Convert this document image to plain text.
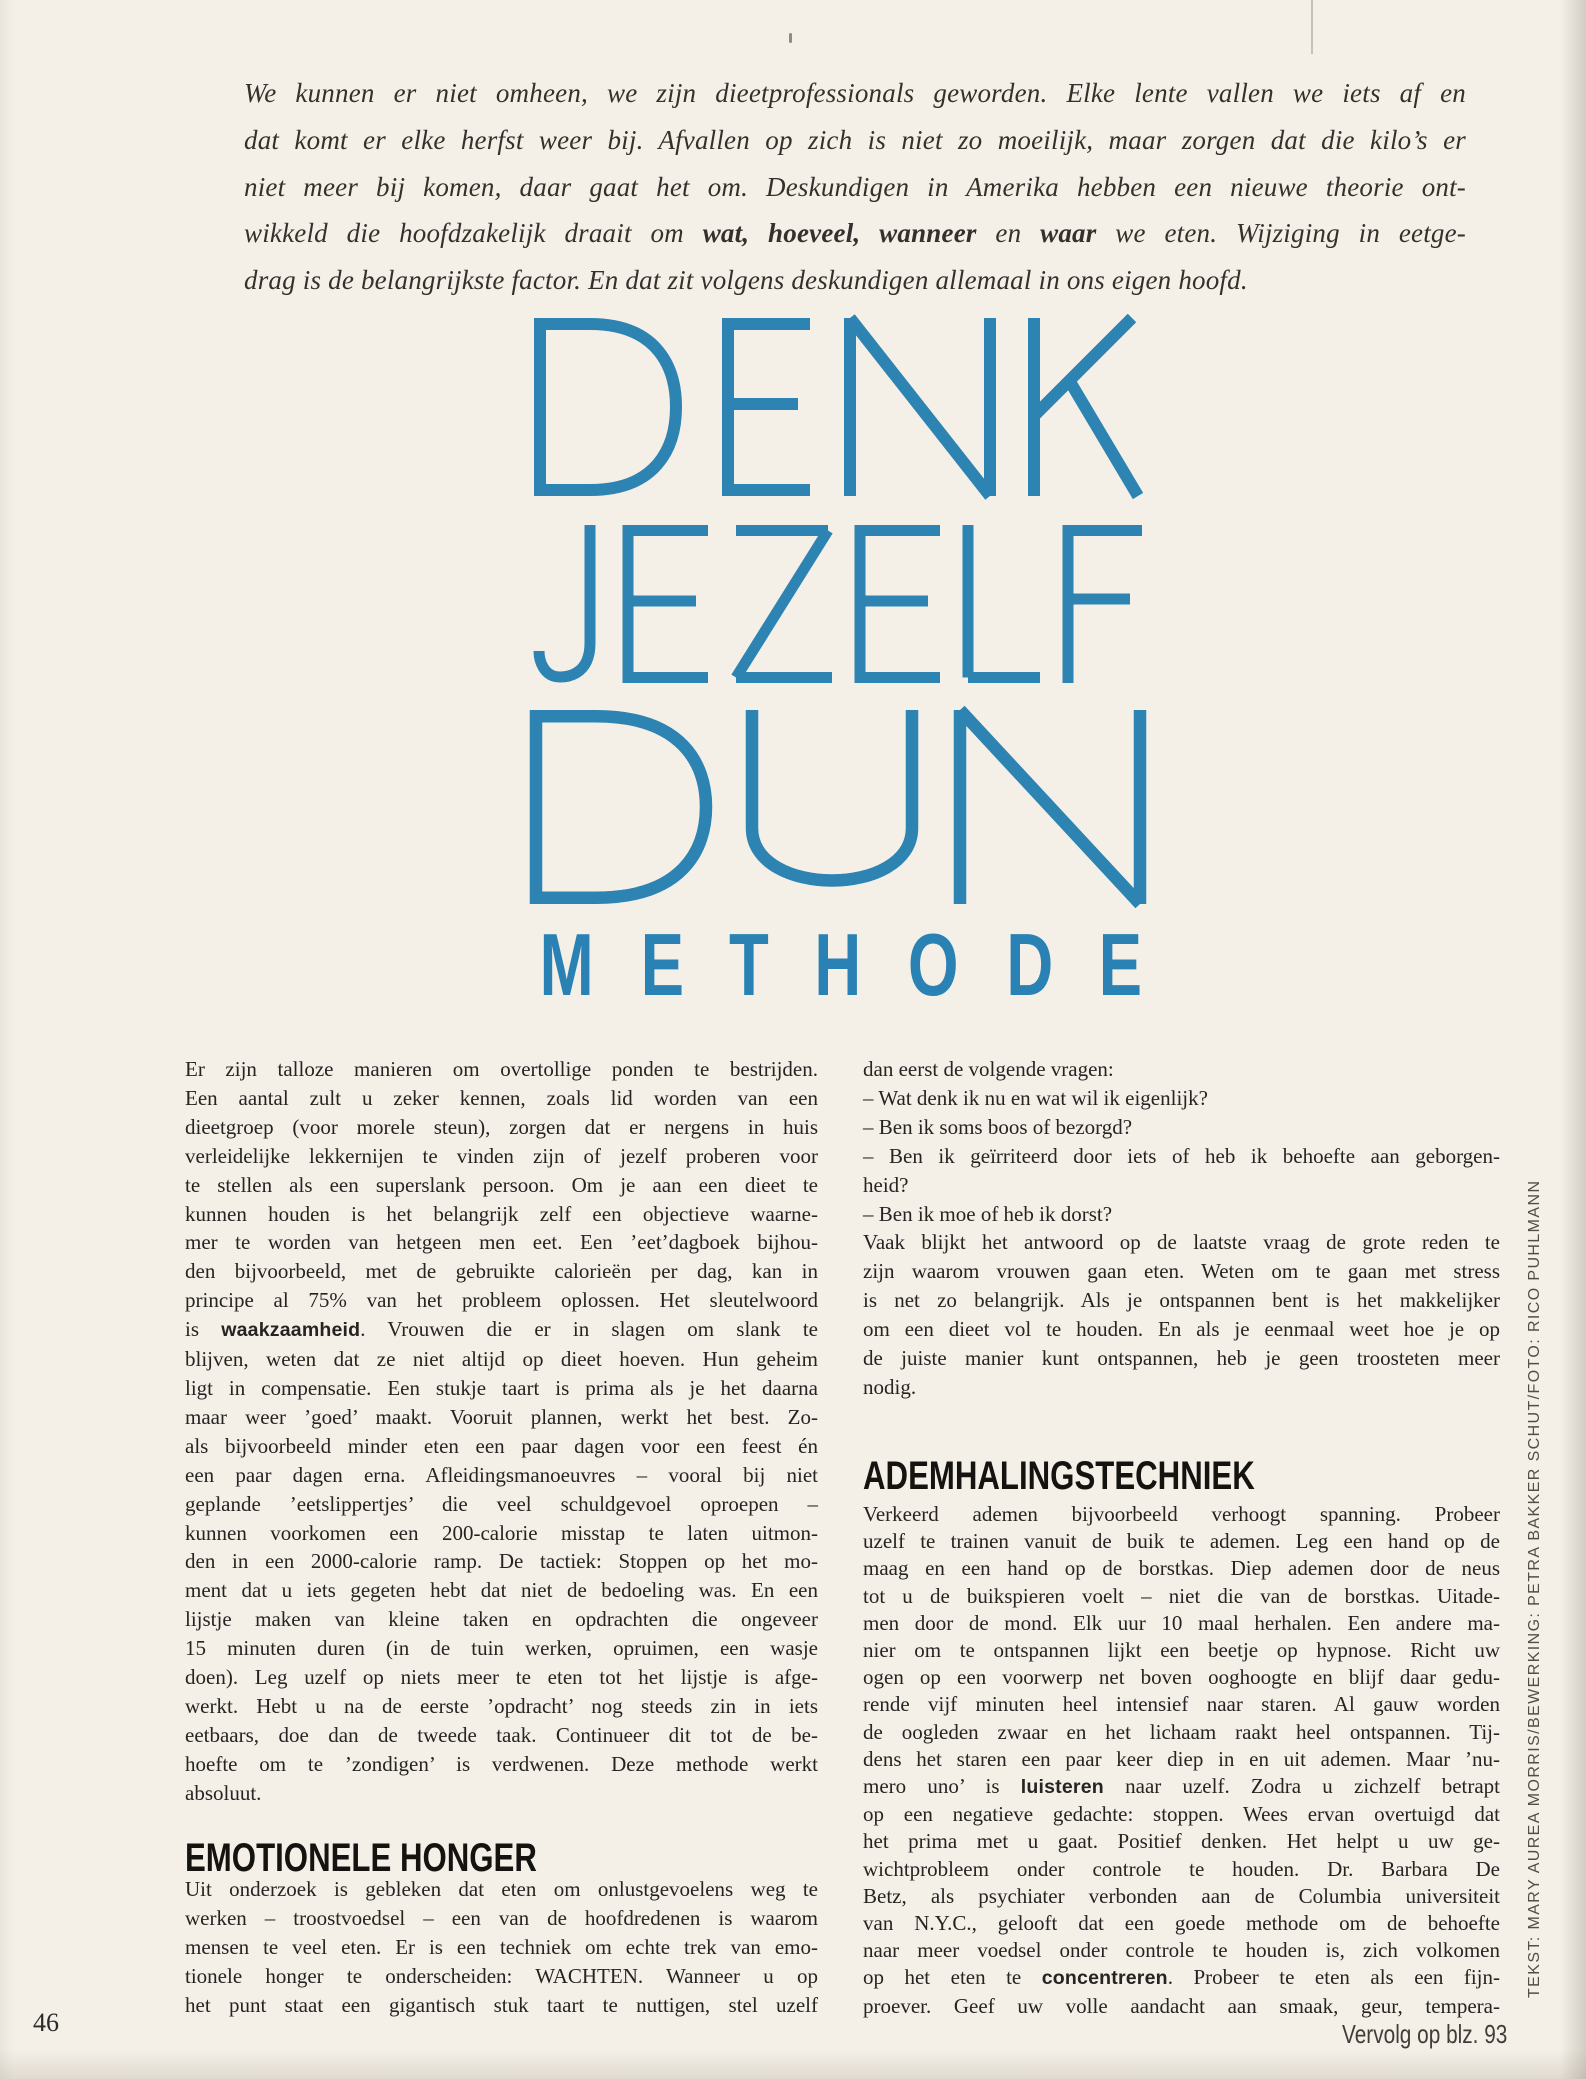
We kunnen er niet omheen, we zijn dieetprofessionals geworden. Elke lente vallen we iets af en
dat komt er elke herfst weer bij. Afvallen op zich is niet zo moeilijk, maar zorgen dat die kilo’s er
niet meer bij komen, daar gaat het om. Deskundigen in Amerika hebben een nieuwe theorie ont-
wikkeld die hoofdzakelijk draait om wat, hoeveel, wanneer en waar we eten. Wijziging in eetge-
drag is de belangrijkste factor. En dat zit volgens deskundigen allemaal in ons eigen hoofd.
M E T H O D E
Er zijn talloze manieren om overtollige ponden te bestrijden.
Een aantal zult u zeker kennen, zoals lid worden van een
dieetgroep (voor morele steun), zorgen dat er nergens in huis
verleidelijke lekkernijen te vinden zijn of jezelf proberen voor
te stellen als een superslank persoon. Om je aan een dieet te
kunnen houden is het belangrijk zelf een objectieve waarne-
mer te worden van hetgeen men eet. Een ’eet’dagboek bijhou-
den bijvoorbeeld, met de gebruikte calorieën per dag, kan in
principe al 75% van het probleem oplossen. Het sleutelwoord
is waakzaamheid. Vrouwen die er in slagen om slank te
blijven, weten dat ze niet altijd op dieet hoeven. Hun geheim
ligt in compensatie. Een stukje taart is prima als je het daarna
maar weer ’goed’ maakt. Vooruit plannen, werkt het best. Zo-
als bijvoorbeeld minder eten een paar dagen voor een feest én
een paar dagen erna. Afleidingsmanoeuvres – vooral bij niet
geplande ’eetslippertjes’ die veel schuldgevoel oproepen –
kunnen voorkomen een 200-calorie misstap te laten uitmon-
den in een 2000-calorie ramp. De tactiek: Stoppen op het mo-
ment dat u iets gegeten hebt dat niet de bedoeling was. En een
lijstje maken van kleine taken en opdrachten die ongeveer
15 minuten duren (in de tuin werken, opruimen, een wasje
doen). Leg uzelf op niets meer te eten tot het lijstje is afge-
werkt. Hebt u na de eerste ’opdracht’ nog steeds zin in iets
eetbaars, doe dan de tweede taak. Continueer dit tot de be-
hoefte om te ’zondigen’ is verdwenen. Deze methode werkt
absoluut.
EMOTIONELE HONGER
Uit onderzoek is gebleken dat eten om onlustgevoelens weg te
werken – troostvoedsel – een van de hoofdredenen is waarom
mensen te veel eten. Er is een techniek om echte trek van emo-
tionele honger te onderscheiden: WACHTEN. Wanneer u op
het punt staat een gigantisch stuk taart te nuttigen, stel uzelf
dan eerst de volgende vragen:
– Wat denk ik nu en wat wil ik eigenlijk?
– Ben ik soms boos of bezorgd?
– Ben ik geïrriteerd door iets of heb ik behoefte aan geborgen-
heid?
– Ben ik moe of heb ik dorst?
Vaak blijkt het antwoord op de laatste vraag de grote reden te
zijn waarom vrouwen gaan eten. Weten om te gaan met stress
is net zo belangrijk. Als je ontspannen bent is het makkelijker
om een dieet vol te houden. En als je eenmaal weet hoe je op
de juiste manier kunt ontspannen, heb je geen troosteten meer
nodig.
ADEMHALINGSTECHNIEK
Verkeerd ademen bijvoorbeeld verhoogt spanning. Probeer
uzelf te trainen vanuit de buik te ademen. Leg een hand op de
maag en een hand op de borstkas. Diep ademen door de neus
tot u de buikspieren voelt – niet die van de borstkas. Uitade-
men door de mond. Elk uur 10 maal herhalen. Een andere ma-
nier om te ontspannen lijkt een beetje op hypnose. Richt uw
ogen op een voorwerp net boven ooghoogte en blijf daar gedu-
rende vijf minuten heel intensief naar staren. Al gauw worden
de oogleden zwaar en het lichaam raakt heel ontspannen. Tij-
dens het staren een paar keer diep in en uit ademen. Maar ’nu-
mero uno’ is luisteren naar uzelf. Zodra u zichzelf betrapt
op een negatieve gedachte: stoppen. Wees ervan overtuigd dat
het prima met u gaat. Positief denken. Het helpt u uw ge-
wichtprobleem onder controle te houden. Dr. Barbara De
Betz, als psychiater verbonden aan de Columbia universiteit
van N.Y.C., gelooft dat een goede methode om de behoefte
naar meer voedsel onder controle te houden is, zich volkomen
op het eten te concentreren. Probeer te eten als een fijn-
proever. Geef uw volle aandacht aan smaak, geur, tempera-
46	Vervolg op blz. 93
TEKST: MARY AUREA MORRIS/BEWERKING: PETRA BAKKER SCHUT/FOTO: RICO PUHLMANN
